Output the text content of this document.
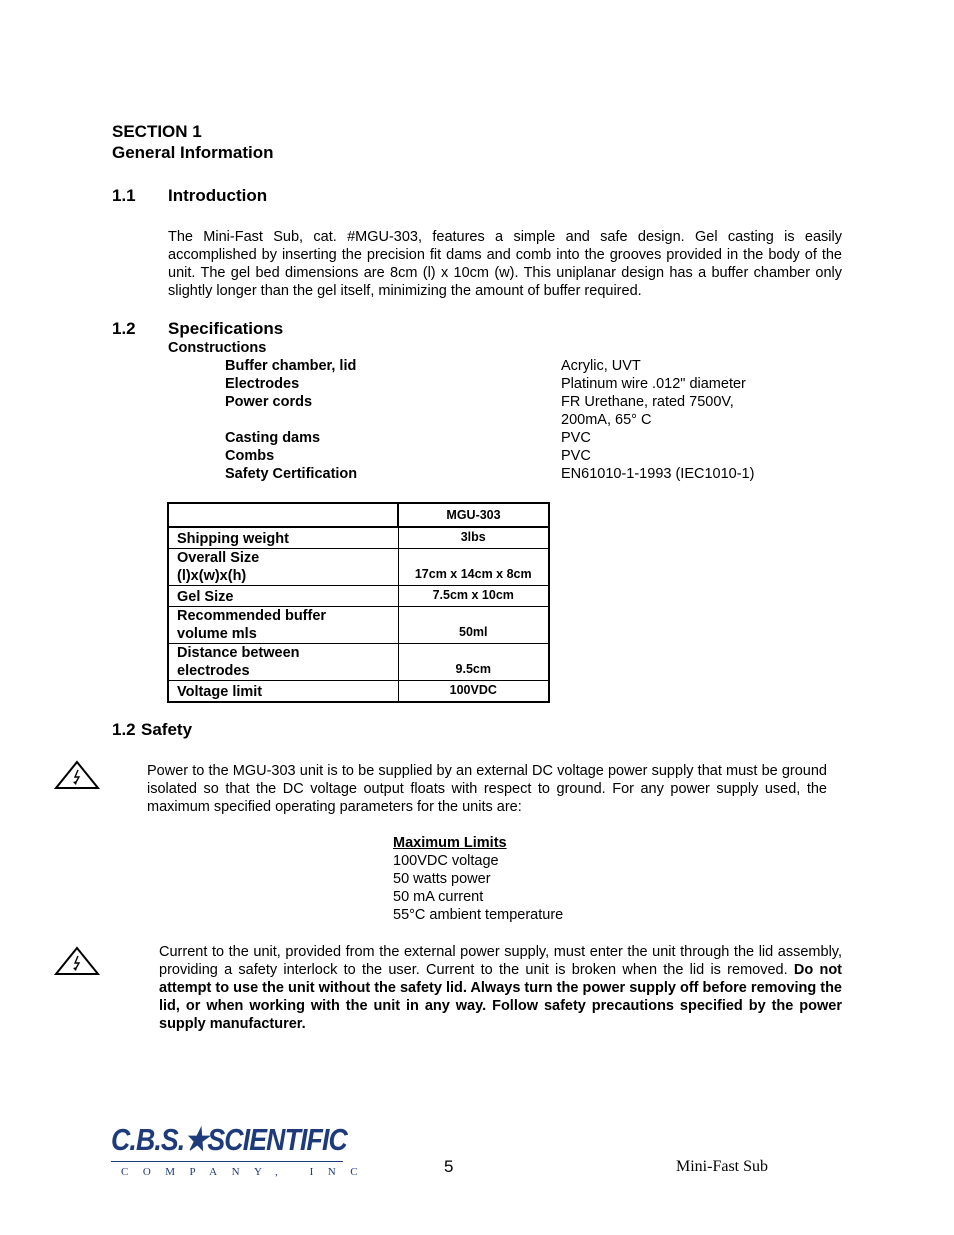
SECTION 1
General Information
1.1 Introduction
The Mini-Fast Sub, cat. #MGU-303, features a simple and safe design. Gel casting is easily accomplished by inserting the precision fit dams and comb into the grooves provided in the body of the unit. The gel bed dimensions are 8cm (l) x 10cm (w). This uniplanar design has a buffer chamber only slightly longer than the gel itself, minimizing the amount of buffer required.
1.2 Specifications
Constructions
Buffer chamber, lid	Acrylic, UVT
Electrodes	Platinum wire .012" diameter
Power cords	FR Urethane, rated 7500V,
200mA, 65° C
Casting dams	PVC
Combs	PVC
Safety Certification	EN61010-1-1993 (IEC1010-1)
	MGU-303
Shipping weight	3lbs

Overall Size
(l)x(w)x(h)	17cm x 14cm x 8cm
Gel Size	7.5cm x 10cm

Recommended buffer
volume mls	50ml

Distance between
electrodes	9.5cm
Voltage limit	100VDC
1.2 Safety
Power to the MGU-303 unit is to be supplied by an external DC voltage power supply that must be ground isolated so that the DC voltage output floats with respect to ground. For any power supply used, the maximum specified operating parameters for the units are:
Maximum Limits
100VDC voltage
50 watts power
50 mA current
55°C ambient temperature
Current to the unit, provided from the external power supply, must enter the unit through the lid assembly, providing a safety interlock to the user. Current to the unit is broken when the lid is removed. Do not attempt to use the unit without the safety lid. Always turn the power supply off before removing the lid, or when working with the unit in any way. Follow safety precautions specified by the power supply manufacturer.
C.B.S.★SCIENTIFIC
COMPANY, INC	5	Mini-Fast Sub
